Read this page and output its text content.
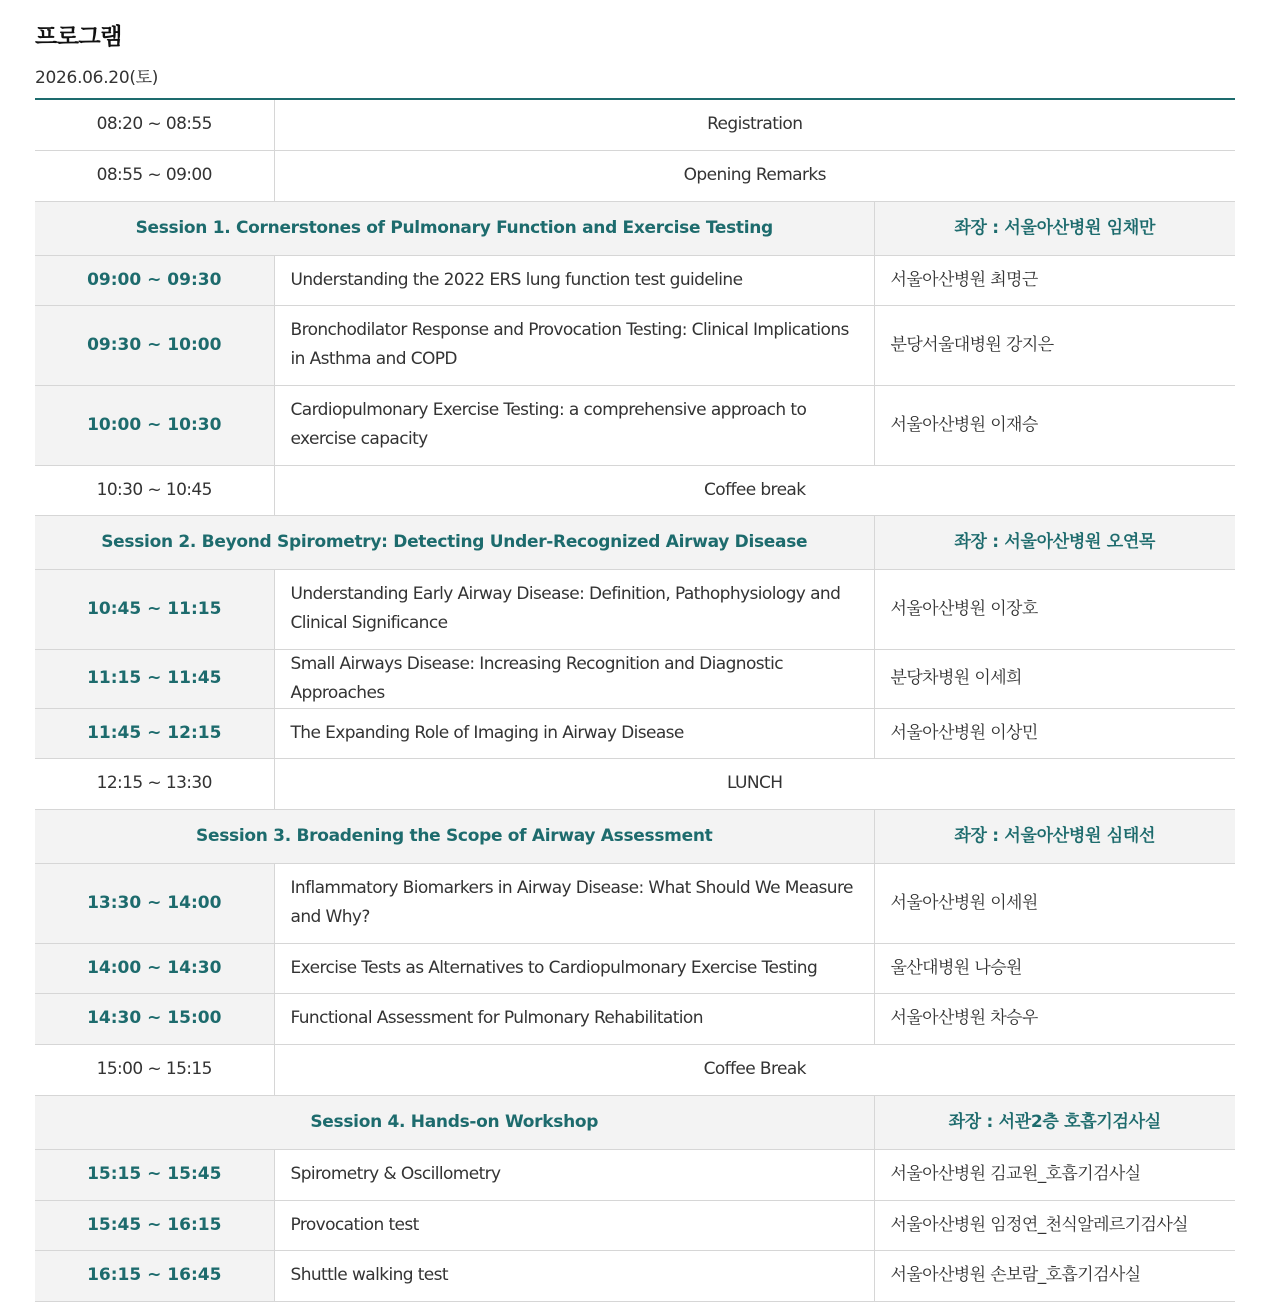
프로그램
2026.06.20(토)
08:20 ~ 08:55	Registration	
08:55 ~ 09:00	Opening Remarks	
Session 1. Cornerstones of Pulmonary Function and Exercise Testing		좌장 : 서울아산병원 임채만
09:00 ~ 09:30	Understanding the 2022 ERS lung function test guideline	서울아산병원 최명근
09:30 ~ 10:00	Bronchodilator Response and Provocation Testing: Clinical Implications in Asthma and COPD	분당서울대병원 강지은
10:00 ~ 10:30	Cardiopulmonary Exercise Testing: a comprehensive approach to exercise capacity	서울아산병원 이재승
10:30 ~ 10:45	Coffee break	
Session 2. Beyond Spirometry: Detecting Under-Recognized Airway Disease		좌장 : 서울아산병원 오연목
10:45 ~ 11:15	Understanding Early Airway Disease: Definition, Pathophysiology and Clinical Significance	서울아산병원 이장호
11:15 ~ 11:45	Small Airways Disease: Increasing Recognition and Diagnostic Approaches	분당차병원 이세희
11:45 ~ 12:15	The Expanding Role of Imaging in Airway Disease	서울아산병원 이상민
12:15 ~ 13:30	LUNCH	
Session 3. Broadening the Scope of Airway Assessment		좌장 : 서울아산병원 심태선
13:30 ~ 14:00	Inflammatory Biomarkers in Airway Disease: What Should We Measure and Why?	서울아산병원 이세원
14:00 ~ 14:30	Exercise Tests as Alternatives to Cardiopulmonary Exercise Testing	울산대병원 나승원
14:30 ~ 15:00	Functional Assessment for Pulmonary Rehabilitation	서울아산병원 차승우
15:00 ~ 15:15	Coffee Break	
Session 4. Hands-on Workshop		좌장 : 서관2층 호흡기검사실
15:15 ~ 15:45	Spirometry & Oscillometry	서울아산병원 김교원_호흡기검사실
15:45 ~ 16:15	Provocation test	서울아산병원 임정연_천식알레르기검사실
16:15 ~ 16:45	Shuttle walking test	서울아산병원 손보람_호흡기검사실
